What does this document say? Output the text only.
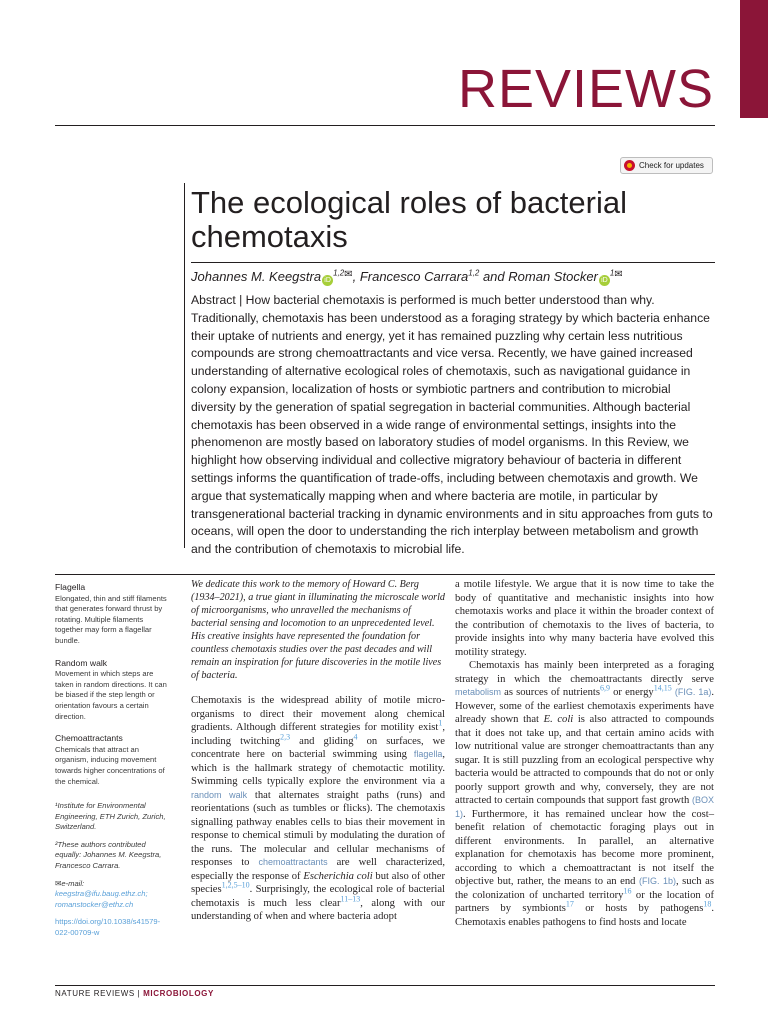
REVIEWS
Check for updates
The ecological roles of bacterial chemotaxis
Johannes M. Keegstra $iD^{1,2✉}$, Francesco Carrara$^{1,2}$ and Roman Stocker $iD^{1✉}$

Abstract | How bacterial chemotaxis is performed is much better understood than why. Traditionally, chemotaxis has been understood as a foraging strategy by which bacteria enhance their uptake of nutrients and energy, yet it has remained puzzling why certain less nutritious compounds are strong chemoattractants and vice versa. Recently, we have gained increased understanding of alternative ecological roles of chemotaxis, such as navigational guidance in colony expansion, localization of hosts or symbiotic partners and contribution to microbial diversity by the generation of spatial segregation in bacterial communities. Although bacterial chemotaxis has been observed in a wide range of environmental settings, insights into the phenomenon are mostly based on laboratory studies of model organisms. In this Review, we highlight how observing individual and collective migratory behaviour of bacteria in different settings informs the quantification of trade-offs, including between chemotaxis and growth. We argue that systematically mapping when and where bacteria are motile, in particular by transgenerational bacterial tracking in dynamic environments and in situ approaches from guts to oceans, will open the door to understanding the rich interplay between metabolism and growth and the contribution of chemotaxis to microbial life.

Flagella
Elongated, thin and stiff filaments that generates forward thrust by rotating. Multiple filaments together may form a flagellar bundle.
Random walk
Movement in which steps are taken in random directions. It can be biased if the step length or orientation favours a certain direction.
Chemoattractants
Chemicals that attract an organism, inducing movement towards higher concentrations of the chemical.

¹Institute for Environmental Engineering, ETH Zurich, Zurich, Switzerland.

²These authors contributed equally: Johannes M. Keegstra, Francesco Carrara.

✉e-mail: keegstra@ifu.baug.ethz.ch; romanstocker@ethz.ch

https://doi.org/10.1038/s41579-022-00709-w

We dedicate this work to the memory of Howard C. Berg (1934–2021), a true giant in illuminating the microscale world of microorganisms, who unravelled the mechanisms of bacterial sensing and locomotion to an unprecedented level. His creative insights have represented the foundation for countless chemotaxis studies over the past decades and will remain an inspiration for future discoveries in the motile lives of bacteria.

Chemotaxis is the widespread ability of motile micro-organisms to direct their movement along chemical gradients. Although different strategies for motility exist$^1$, including twitching$^{2,3}$ and gliding$^4$ on surfaces, we concentrate here on bacterial swimming using flagella, which is the hallmark strategy of chemotactic motility. Swimming cells typically explore the environment via a random walk that alternates straight paths (runs) and reorientations (such as tumbles or flicks). The chemotaxis signalling pathway enables cells to bias their movement in response to chemical stimuli by modulating the duration of the runs. The molecular and cellular mechanisms of responses to chemoattractants are well characterized, especially the response of Escherichia coli but also of other species$^{1,2,5-10}$. Surprisingly, the ecological role of bacterial chemotaxis is much less clear$^{11-13}$, along with our understanding of when and where bacteria adopt

a motile lifestyle. We argue that it is now time to take the body of quantitative and mechanistic insights into how chemotaxis works and place it within the broader context of the contribution of chemotaxis to the lives of bacteria, to provide insights into why many bacteria have evolved this motility strategy.

Chemotaxis has mainly been interpreted as a foraging strategy in which the chemoattractants directly serve metabolism as sources of nutrients$^{6,9}$ or energy$^{14,15}$ (FIG. 1a). However, some of the earliest chemotaxis experiments have already shown that E. coli is also attracted to compounds that it does not take up, and that certain amino acids with low nutritional value are stronger chemoattractants than any sugar. It is still puzzling from an ecological perspective why bacteria would be attracted to compounds that do not or only poorly support growth and why, conversely, they are not attracted to certain compounds that support fast growth (BOX 1). Furthermore, it has remained unclear how the cost–benefit relation of chemotactic foraging plays out in different environments. In parallel, an alternative explanation for chemotaxis has become more prominent, according to which a chemoattractant is not itself the objective but, rather, the means to an end (FIG. 1b), such as the colonization of uncharted territory$^{16}$ or the location of partners by symbionts$^{17}$ or hosts by pathogens$^{18}$. Chemotaxis enables pathogens to find hosts and locate

NATURE REVIEWS | MICROBIOLOGY
